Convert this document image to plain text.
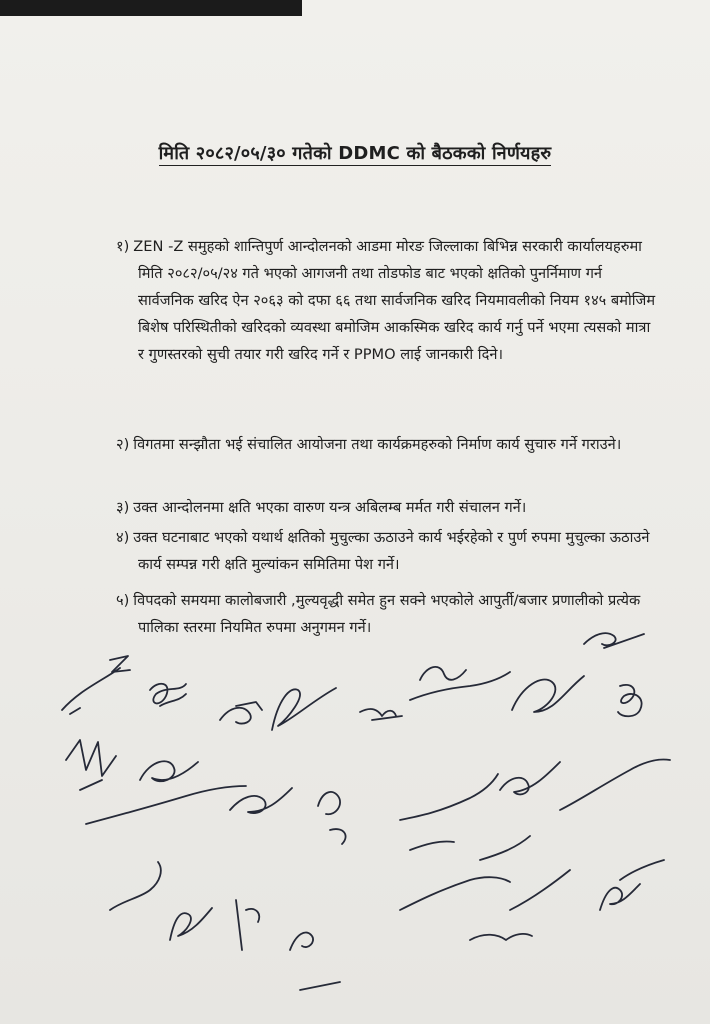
मिति २०८२/०५/३० गतेको DDMC को बैठकको निर्णयहरु
१) ZEN -Z समुहको शान्तिपुर्ण आन्दोलनको आडमा मोरङ जिल्लाका बिभिन्न सरकारी कार्यालयहरुमा मिति २०८२/०५/२४ गते भएको आगजनी तथा तोडफोड बाट भएको क्षतिको पुनर्निमाण गर्न सार्वजनिक खरिद ऐन २०६३ को दफा ६६ तथा सार्वजनिक खरिद नियमावलीको नियम १४५ बमोजिम बिशेष परिस्थितीको खरिदको व्यवस्था बमोजिम आकस्मिक खरिद कार्य गर्नु पर्ने भएमा त्यसको मात्रा र गुणस्तरको सुची तयार गरी खरिद गर्ने र PPMO लाई जानकारी दिने।
२) विगतमा सन्झौता भई संचालित आयोजना तथा कार्यक्रमहरुको निर्माण कार्य सुचारु गर्ने गराउने।
३) उक्त आन्दोलनमा क्षति भएका वारुण यन्त्र अबिलम्ब मर्मत गरी संचालन गर्ने।
४) उक्त घटनाबाट भएको यथार्थ क्षतिको मुचुल्का ऊठाउने कार्य भईरहेको र पुर्ण रुपमा मुचुल्का ऊठाउने कार्य सम्पन्न गरी क्षति मुल्यांकन समितिमा पेश गर्ने।
५) विपदको समयमा कालोबजारी ,मुल्यवृद्धी समेत हुन सक्ने भएकोले आपुर्ती/बजार प्रणालीको प्रत्येक पालिका स्तरमा नियमित रुपमा अनुगमन गर्ने।
